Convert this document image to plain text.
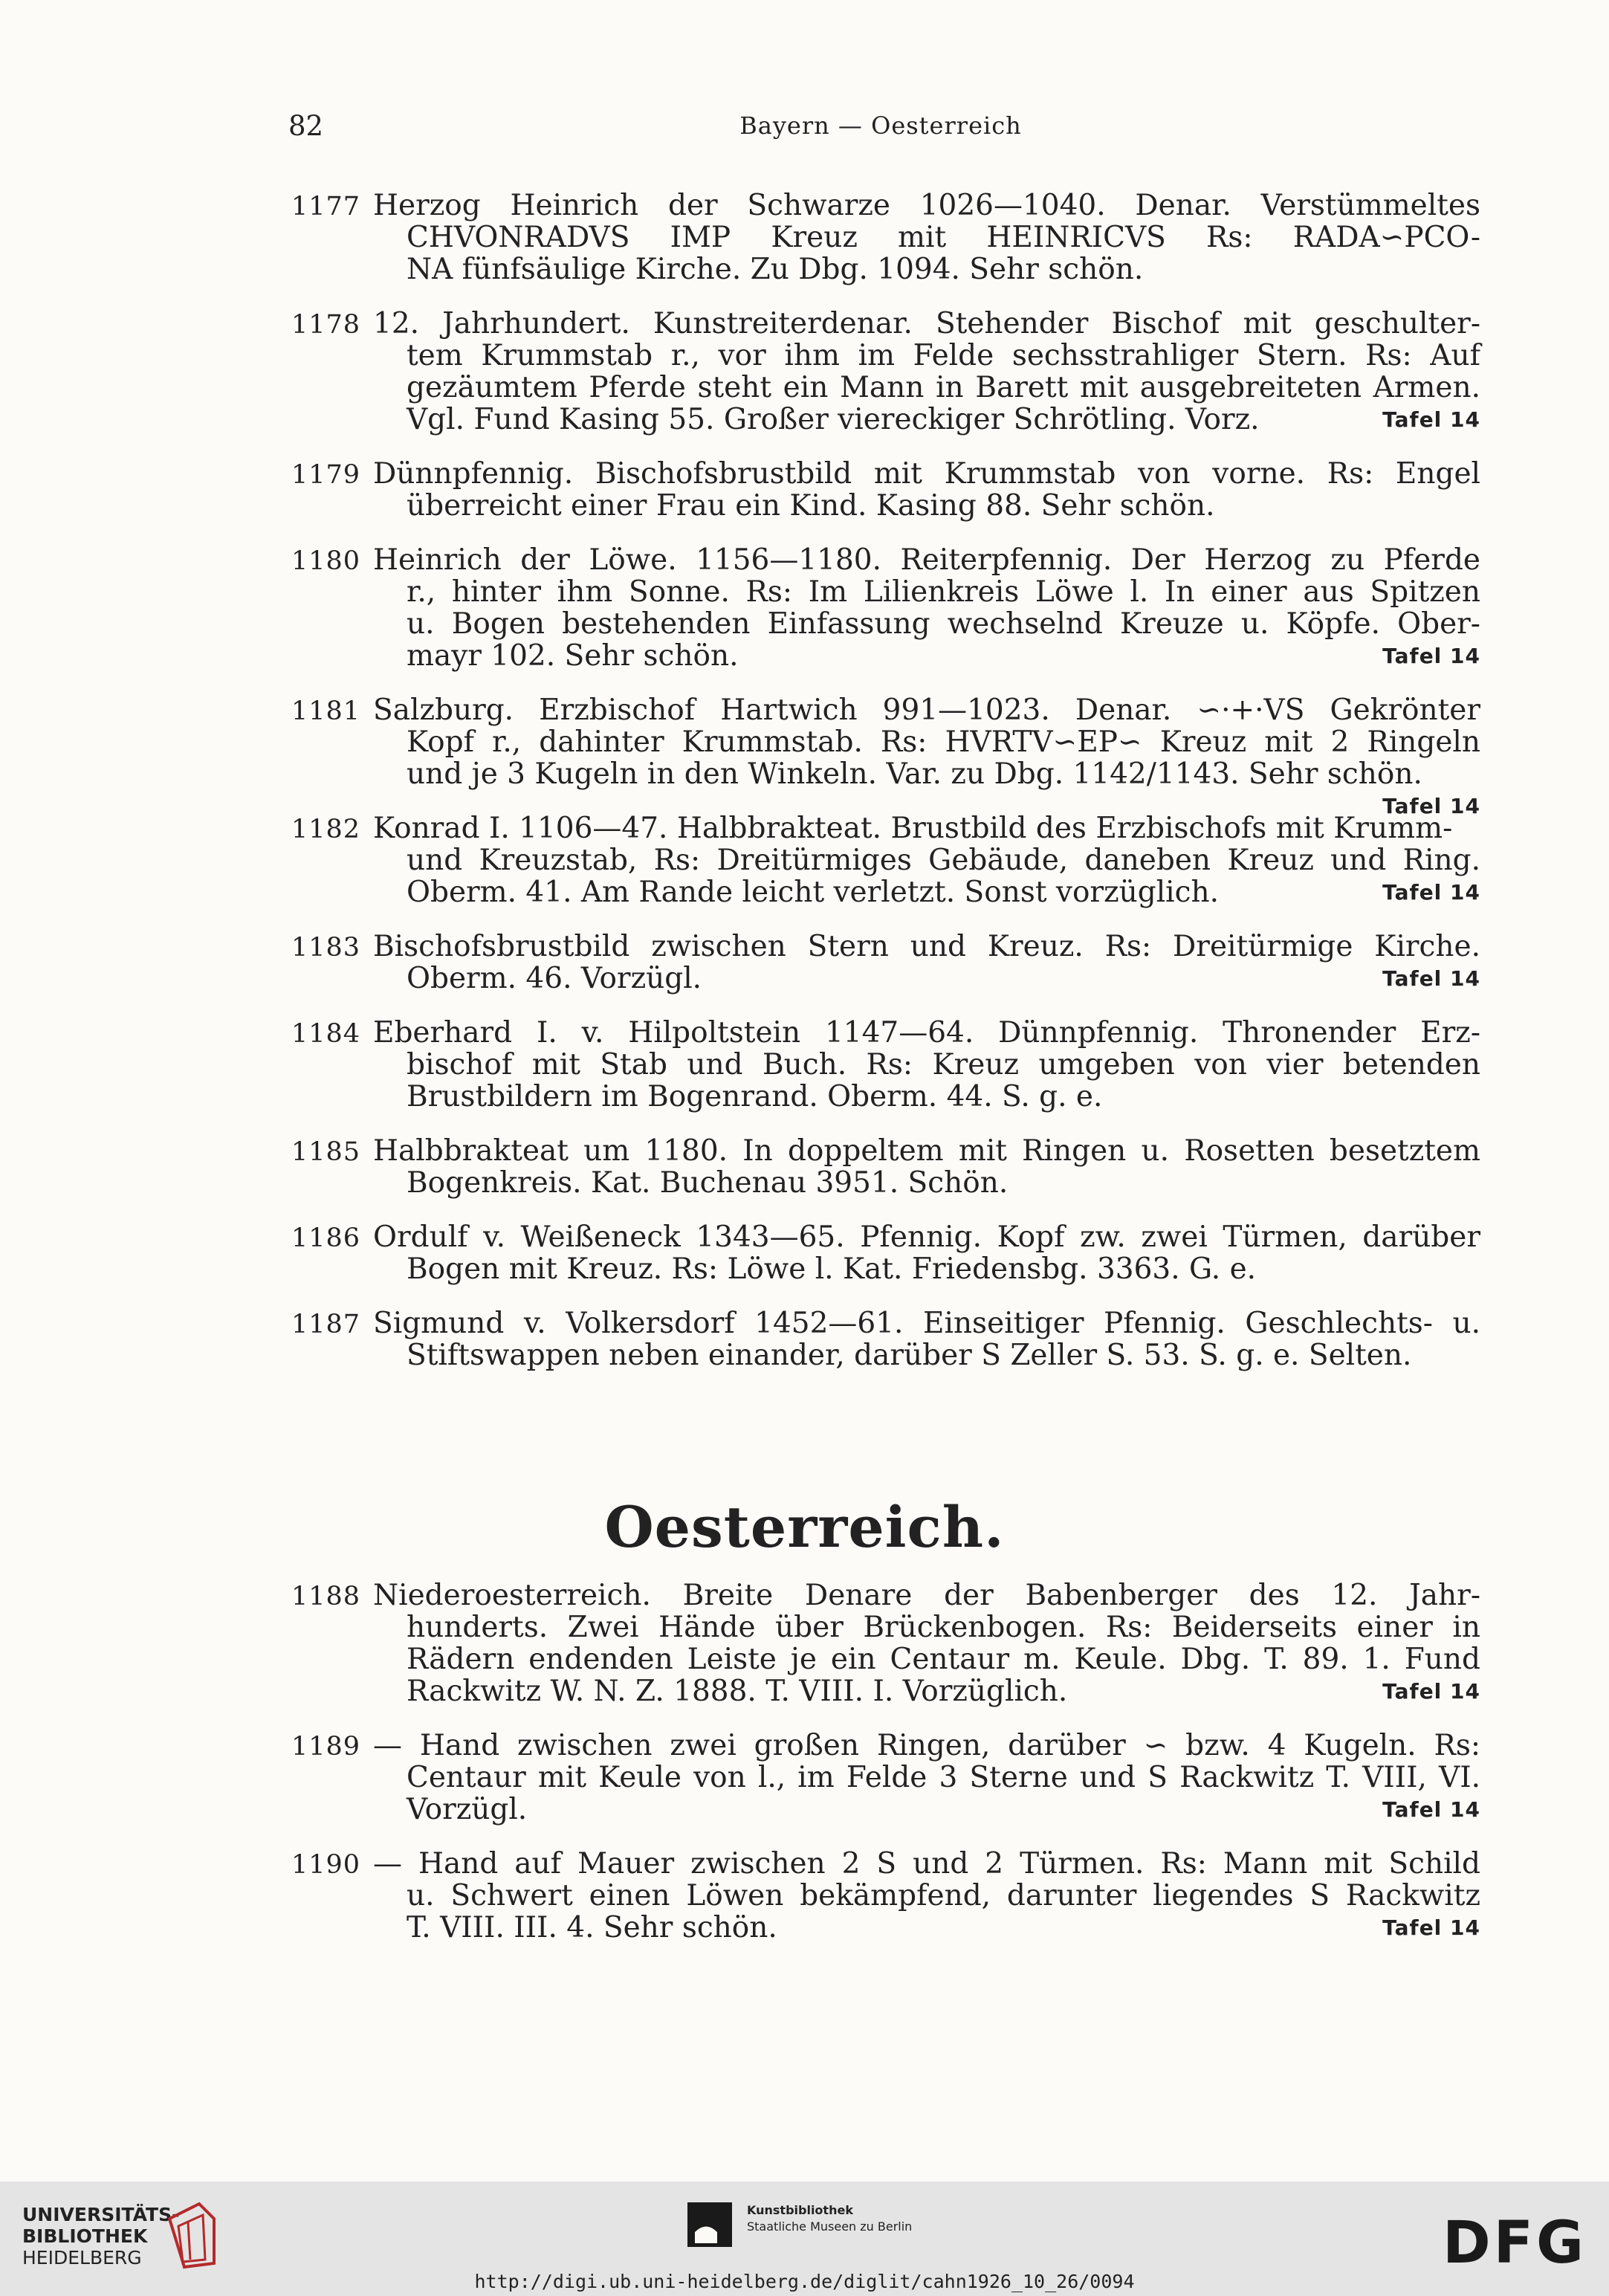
82	Bayern — Oesterreich
1177 Herzog Heinrich der Schwarze 1026—1040. Denar. Verstümmeltes
CHVONRADVS IMP Kreuz mit HEINRICVS Rs: RADA∽PCO-
NA fünfsäulige Kirche. Zu Dbg. 1094. Sehr schön.
1178 12. Jahrhundert. Kunstreiterdenar. Stehender Bischof mit geschulter-
tem Krummstab r., vor ihm im Felde sechsstrahliger Stern. Rs: Auf
gezäumtem Pferde steht ein Mann in Barett mit ausgebreiteten Armen.
Vgl. Fund Kasing 55. Großer viereckiger Schrötling. Vorz.	Tafel 14
1179 Dünnpfennig. Bischofsbrustbild mit Krummstab von vorne. Rs: Engel
überreicht einer Frau ein Kind. Kasing 88. Sehr schön.
1180 Heinrich der Löwe. 1156—1180. Reiterpfennig. Der Herzog zu Pferde
r., hinter ihm Sonne. Rs: Im Lilienkreis Löwe l. In einer aus Spitzen
u. Bogen bestehenden Einfassung wechselnd Kreuze u. Köpfe. Ober-
mayr 102. Sehr schön.	Tafel 14
1181 Salzburg. Erzbischof Hartwich 991—1023. Denar. ∽·+·VS Gekrönter
Kopf r., dahinter Krummstab. Rs: HVRTV∽EP∽ Kreuz mit 2 Ringeln
und je 3 Kugeln in den Winkeln. Var. zu Dbg. 1142/1143. Sehr schön.
Tafel 14
1182 Konrad I. 1106—47. Halbbrakteat. Brustbild des Erzbischofs mit Krumm-
und Kreuzstab, Rs: Dreitürmiges Gebäude, daneben Kreuz und Ring.
Oberm. 41. Am Rande leicht verletzt. Sonst vorzüglich.	Tafel 14
1183 Bischofsbrustbild zwischen Stern und Kreuz. Rs: Dreitürmige Kirche.
Oberm. 46. Vorzügl.	Tafel 14
1184 Eberhard I. v. Hilpoltstein 1147—64. Dünnpfennig. Thronender Erz-
bischof mit Stab und Buch. Rs: Kreuz umgeben von vier betenden
Brustbildern im Bogenrand. Oberm. 44. S. g. e.
1185 Halbbrakteat um 1180. In doppeltem mit Ringen u. Rosetten besetztem
Bogenkreis. Kat. Buchenau 3951. Schön.
1186 Ordulf v. Weißeneck 1343—65. Pfennig. Kopf zw. zwei Türmen, darüber
Bogen mit Kreuz. Rs: Löwe l. Kat. Friedensbg. 3363. G. e.
1187 Sigmund v. Volkersdorf 1452—61. Einseitiger Pfennig. Geschlechts- u.
Stiftswappen neben einander, darüber S Zeller S. 53. S. g. e. Selten.
Oesterreich.
1188 Niederoesterreich. Breite Denare der Babenberger des 12. Jahr-
hunderts. Zwei Hände über Brückenbogen. Rs: Beiderseits einer in
Rädern endenden Leiste je ein Centaur m. Keule. Dbg. T. 89. 1. Fund
Rackwitz W. N. Z. 1888. T. VIII. I. Vorzüglich.	Tafel 14
1189 — Hand zwischen zwei großen Ringen, darüber ∽ bzw. 4 Kugeln. Rs:
Centaur mit Keule von l., im Felde 3 Sterne und S Rackwitz T. VIII, VI.
Vorzügl.	Tafel 14
1190 — Hand auf Mauer zwischen 2 S und 2 Türmen. Rs: Mann mit Schild
u. Schwert einen Löwen bekämpfend, darunter liegendes S Rackwitz
T. VIII. III. 4. Sehr schön.	Tafel 14
UNIVERSITÄTS-
BIBLIOTHEK
HEIDELBERG
Kunstbibliothek
Staatliche Museen zu Berlin	DFG
http://digi.ub.uni-heidelberg.de/diglit/cahn1926_10_26/0094
